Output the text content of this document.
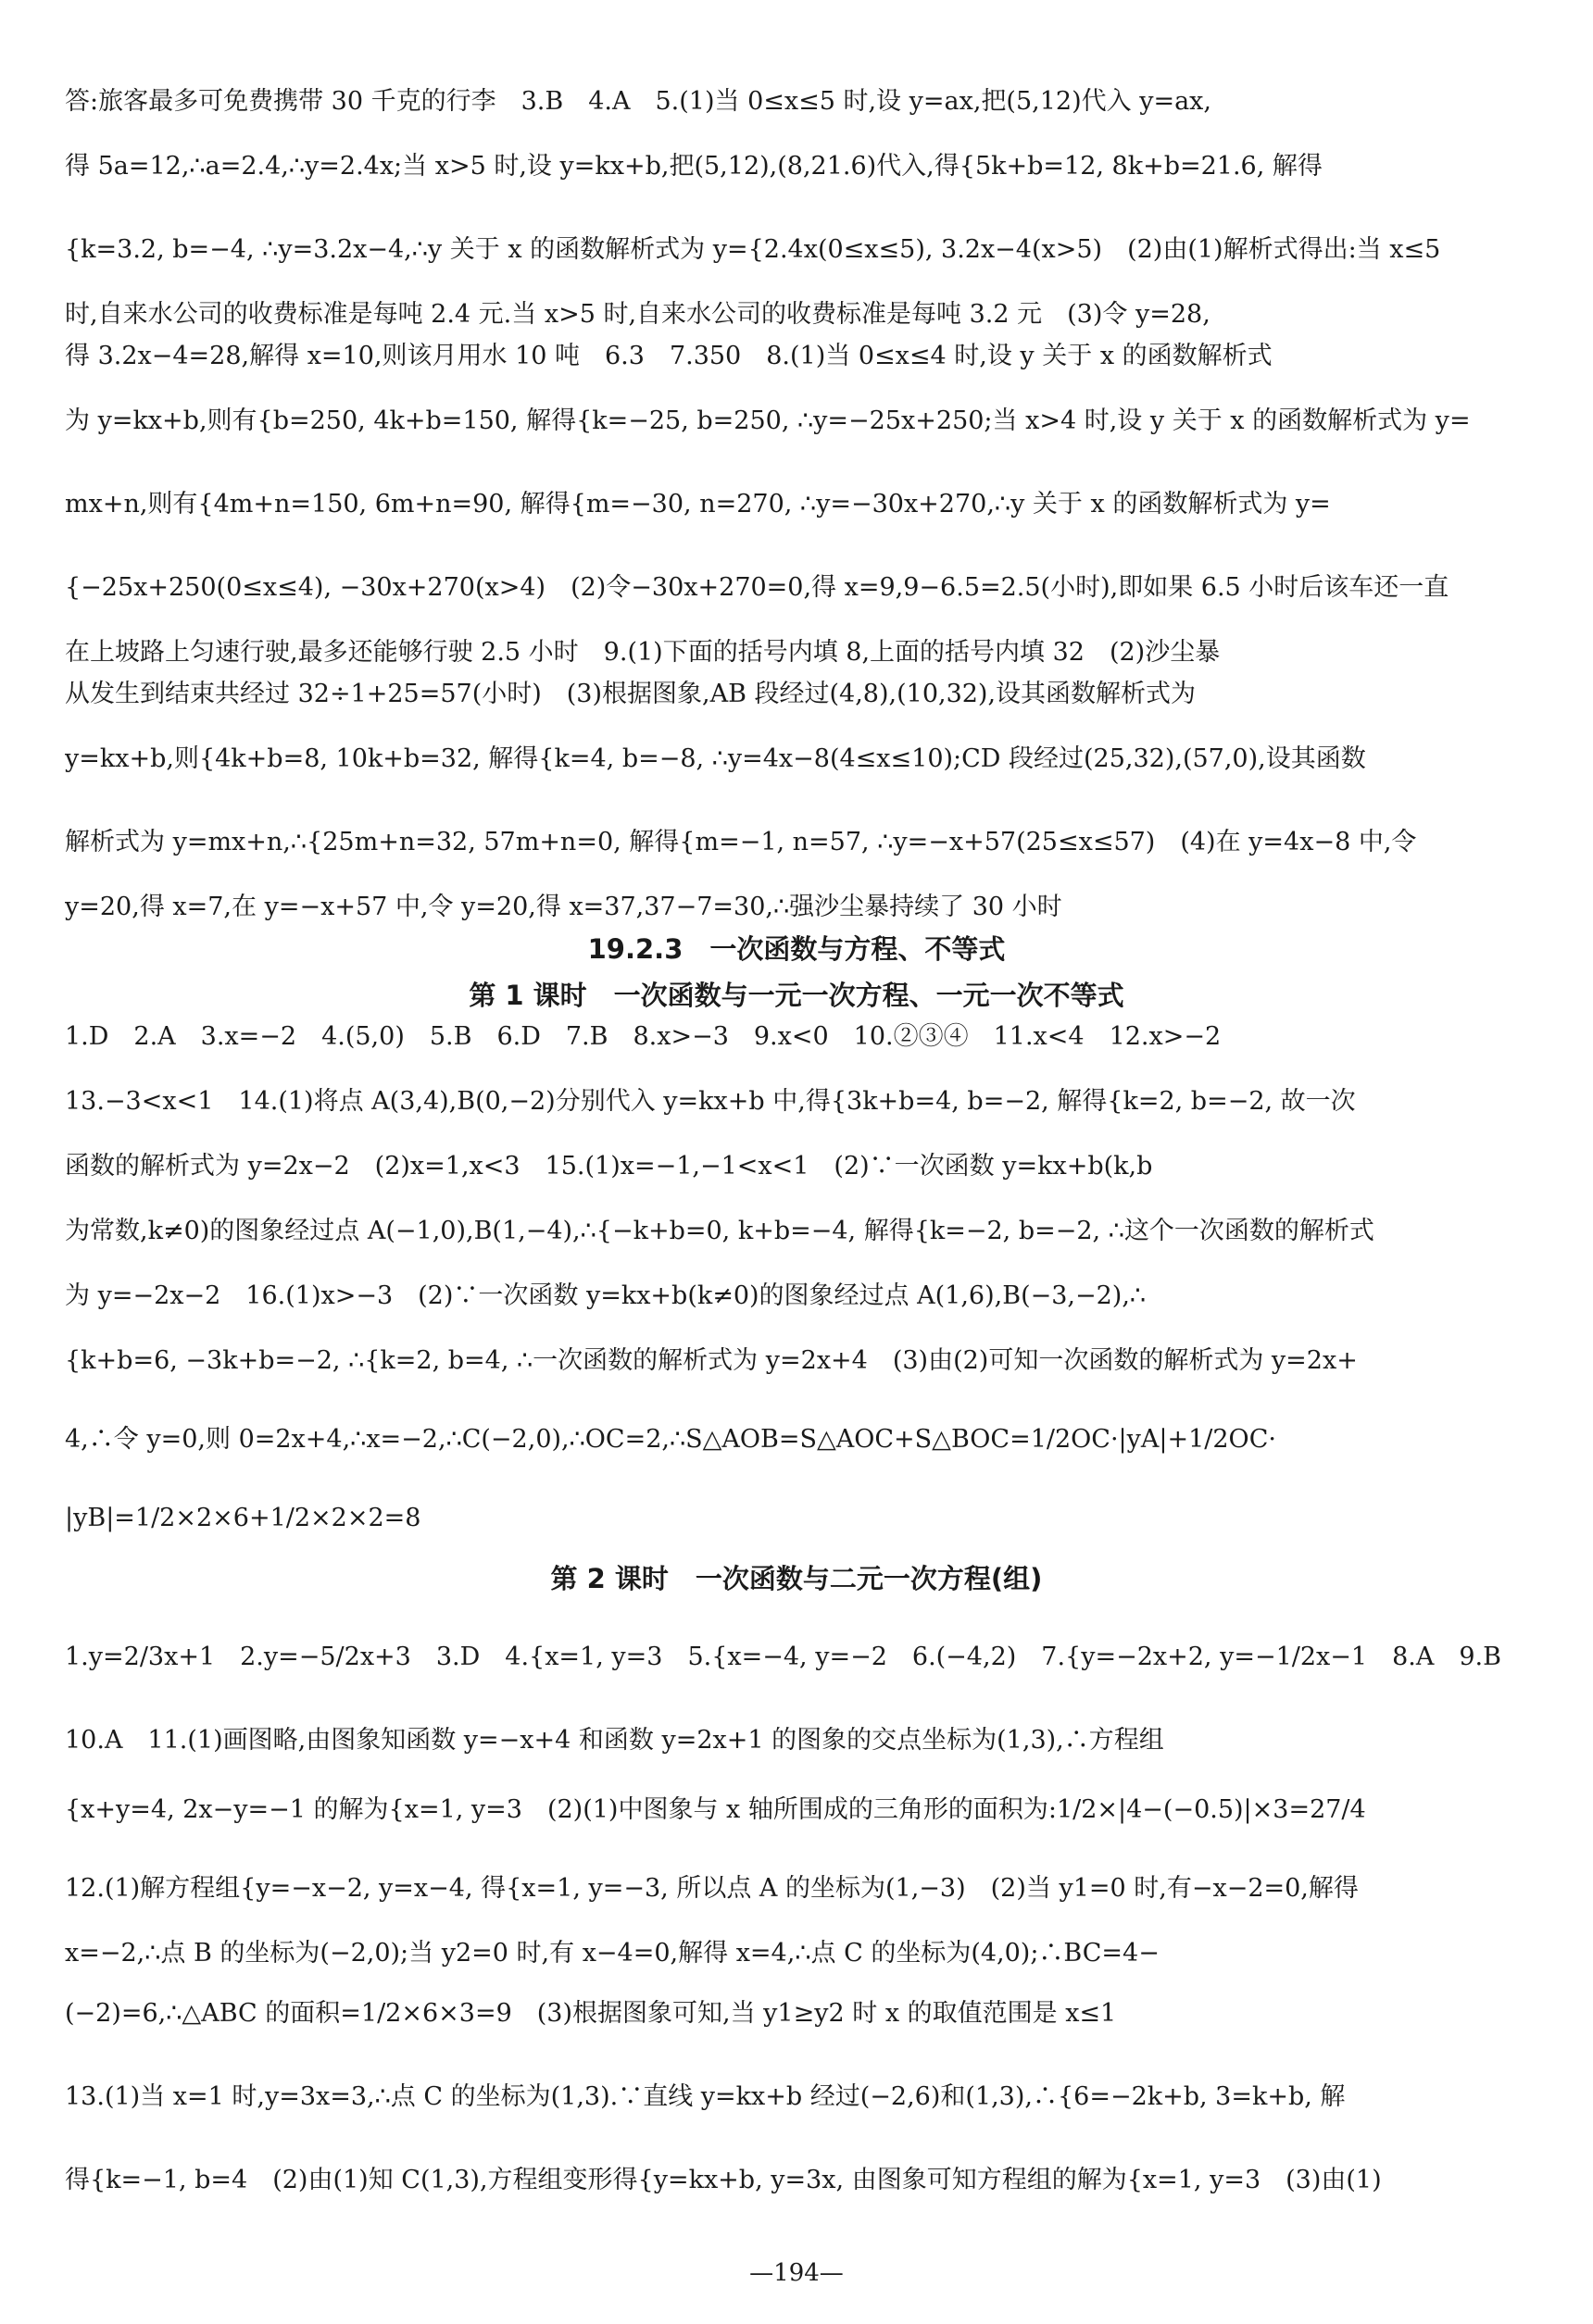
答:旅客最多可免费携带 30 千克的行李　3.B　4.A　5.(1)当 0≤x≤5 时,设 y=ax,把(5,12)代入 y=ax,
得 5a=12,∴a=2.4,∴y=2.4x;当 x>5 时,设 y=kx+b,把(5,12),(8,21.6)代入,得{5k+b=12, 8k+b=21.6, 解得
{k=3.2, b=−4, ∴y=3.2x−4,∴y 关于 x 的函数解析式为 y={2.4x(0≤x≤5), 3.2x−4(x>5)　(2)由(1)解析式得出:当 x≤5
时,自来水公司的收费标准是每吨 2.4 元.当 x>5 时,自来水公司的收费标准是每吨 3.2 元　(3)令 y=28,
得 3.2x−4=28,解得 x=10,则该月用水 10 吨　6.3　7.350　8.(1)当 0≤x≤4 时,设 y 关于 x 的函数解析式
为 y=kx+b,则有{b=250, 4k+b=150, 解得{k=−25, b=250, ∴y=−25x+250;当 x>4 时,设 y 关于 x 的函数解析式为 y=
mx+n,则有{4m+n=150, 6m+n=90, 解得{m=−30, n=270, ∴y=−30x+270,∴y 关于 x 的函数解析式为 y=
{−25x+250(0≤x≤4), −30x+270(x>4)　(2)令−30x+270=0,得 x=9,9−6.5=2.5(小时),即如果 6.5 小时后该车还一直
在上坡路上匀速行驶,最多还能够行驶 2.5 小时　9.(1)下面的括号内填 8,上面的括号内填 32　(2)沙尘暴
从发生到结束共经过 32÷1+25=57(小时)　(3)根据图象,AB 段经过(4,8),(10,32),设其函数解析式为
y=kx+b,则{4k+b=8, 10k+b=32, 解得{k=4, b=−8, ∴y=4x−8(4≤x≤10);CD 段经过(25,32),(57,0),设其函数
解析式为 y=mx+n,∴{25m+n=32, 57m+n=0, 解得{m=−1, n=57, ∴y=−x+57(25≤x≤57)　(4)在 y=4x−8 中,令
y=20,得 x=7,在 y=−x+57 中,令 y=20,得 x=37,37−7=30,∴强沙尘暴持续了 30 小时
19.2.3　一次函数与方程、不等式
第 1 课时　一次函数与一元一次方程、一元一次不等式
1.D　2.A　3.x=−2　4.(5,0)　5.B　6.D　7.B　8.x>−3　9.x<0　10.②③④　11.x<4　12.x>−2
13.−3<x<1　14.(1)将点 A(3,4),B(0,−2)分别代入 y=kx+b 中,得{3k+b=4, b=−2, 解得{k=2, b=−2, 故一次
函数的解析式为 y=2x−2　(2)x=1,x<3　15.(1)x=−1,−1<x<1　(2)∵一次函数 y=kx+b(k,b
为常数,k≠0)的图象经过点 A(−1,0),B(1,−4),∴{−k+b=0, k+b=−4, 解得{k=−2, b=−2, ∴这个一次函数的解析式
为 y=−2x−2　16.(1)x>−3　(2)∵一次函数 y=kx+b(k≠0)的图象经过点 A(1,6),B(−3,−2),∴
{k+b=6, −3k+b=−2, ∴{k=2, b=4, ∴一次函数的解析式为 y=2x+4　(3)由(2)可知一次函数的解析式为 y=2x+
4,∴令 y=0,则 0=2x+4,∴x=−2,∴C(−2,0),∴OC=2,∴S△AOB=S△AOC+S△BOC=1/2OC·|yA|+1/2OC·
|yB|=1/2×2×6+1/2×2×2=8
第 2 课时　一次函数与二元一次方程(组)
1.y=2/3x+1　2.y=−5/2x+3　3.D　4.{x=1, y=3　5.{x=−4, y=−2　6.(−4,2)　7.{y=−2x+2, y=−1/2x−1　8.A　9.B
10.A　11.(1)画图略,由图象知函数 y=−x+4 和函数 y=2x+1 的图象的交点坐标为(1,3),∴方程组
{x+y=4, 2x−y=−1 的解为{x=1, y=3　(2)(1)中图象与 x 轴所围成的三角形的面积为:1/2×|4−(−0.5)|×3=27/4
12.(1)解方程组{y=−x−2, y=x−4, 得{x=1, y=−3, 所以点 A 的坐标为(1,−3)　(2)当 y1=0 时,有−x−2=0,解得
x=−2,∴点 B 的坐标为(−2,0);当 y2=0 时,有 x−4=0,解得 x=4,∴点 C 的坐标为(4,0);∴BC=4−
(−2)=6,∴△ABC 的面积=1/2×6×3=9　(3)根据图象可知,当 y1≥y2 时 x 的取值范围是 x≤1
13.(1)当 x=1 时,y=3x=3,∴点 C 的坐标为(1,3).∵直线 y=kx+b 经过(−2,6)和(1,3),∴{6=−2k+b, 3=k+b, 解
得{k=−1, b=4　(2)由(1)知 C(1,3),方程组变形得{y=kx+b, y=3x, 由图象可知方程组的解为{x=1, y=3　(3)由(1)
—194—
